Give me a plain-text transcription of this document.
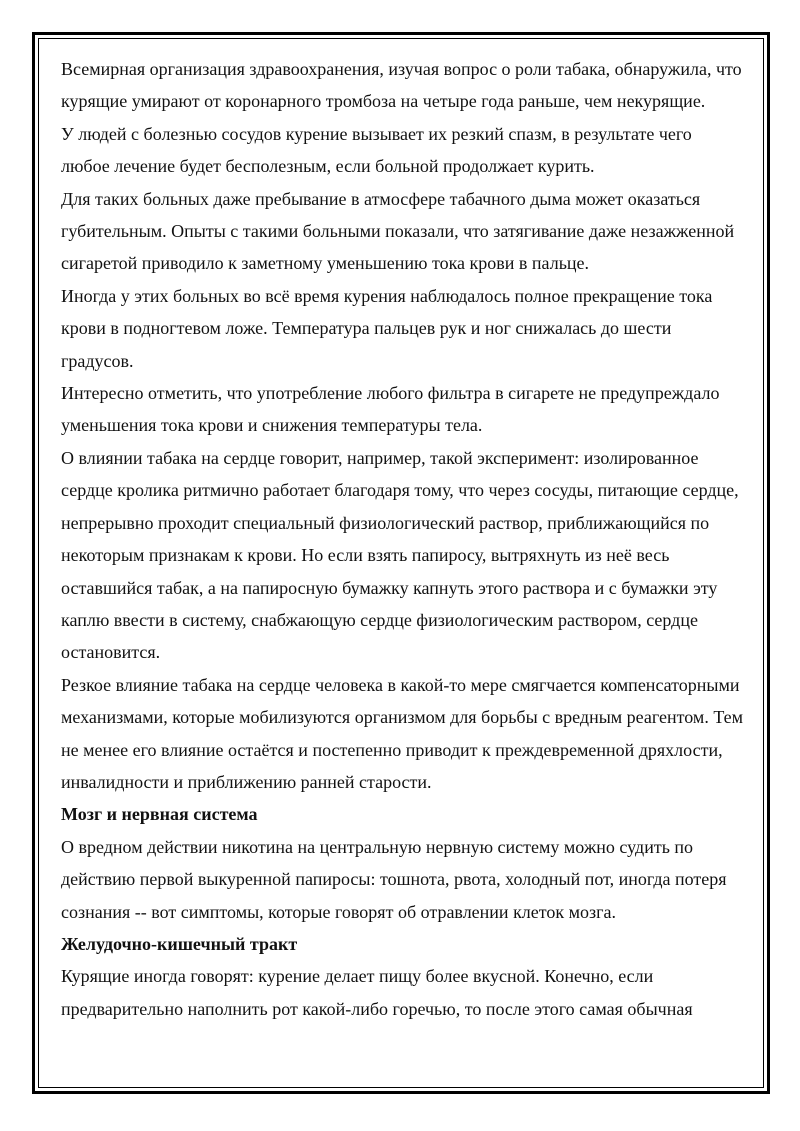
Всемирная организация здравоохранения, изучая вопрос о роли табака, обнаружила, что курящие умирают от коронарного тромбоза на четыре года раньше, чем некурящие.

У людей с болезнью сосудов курение вызывает их резкий спазм, в результате чего любое лечение будет бесполезным, если больной продолжает курить.

Для таких больных даже пребывание в атмосфере табачного дыма может оказаться губительным. Опыты с такими больными показали, что затягивание даже незажженной сигаретой приводило к заметному уменьшению тока крови в пальце.

Иногда у этих больных во всё время курения наблюдалось полное прекращение тока крови в подногтевом ложе. Температура пальцев рук и ног снижалась до шести градусов.

Интересно отметить, что употребление любого фильтра в сигарете не предупреждало уменьшения тока крови и снижения температуры тела.

О влиянии табака на сердце говорит, например, такой эксперимент: изолированное сердце кролика ритмично работает благодаря тому, что через сосуды, питающие сердце, непрерывно проходит специальный физиологический раствор, приближающийся по некоторым признакам к крови. Но если взять папиросу, вытряхнуть из неё весь оставшийся табак, а на папиросную бумажку капнуть этого раствора и с бумажки эту каплю ввести в систему, снабжающую сердце физиологическим раствором, сердце остановится.

Резкое влияние табака на сердце человека в какой-то мере смягчается компенсаторными механизмами, которые мобилизуются организмом для борьбы с вредным реагентом. Тем не менее его влияние остаётся и постепенно приводит к преждевременной дряхлости, инвалидности и приближению ранней старости.

Мозг и нервная система

О вредном действии никотина на центральную нервную систему можно судить по действию первой выкуренной папиросы: тошнота, рвота, холодный пот, иногда потеря сознания -- вот симптомы, которые говорят об отравлении клеток мозга.

Желудочно-кишечный тракт

Курящие иногда говорят: курение делает пищу более вкусной. Конечно, если предварительно наполнить рот какой-либо горечью, то после этого самая обычная
